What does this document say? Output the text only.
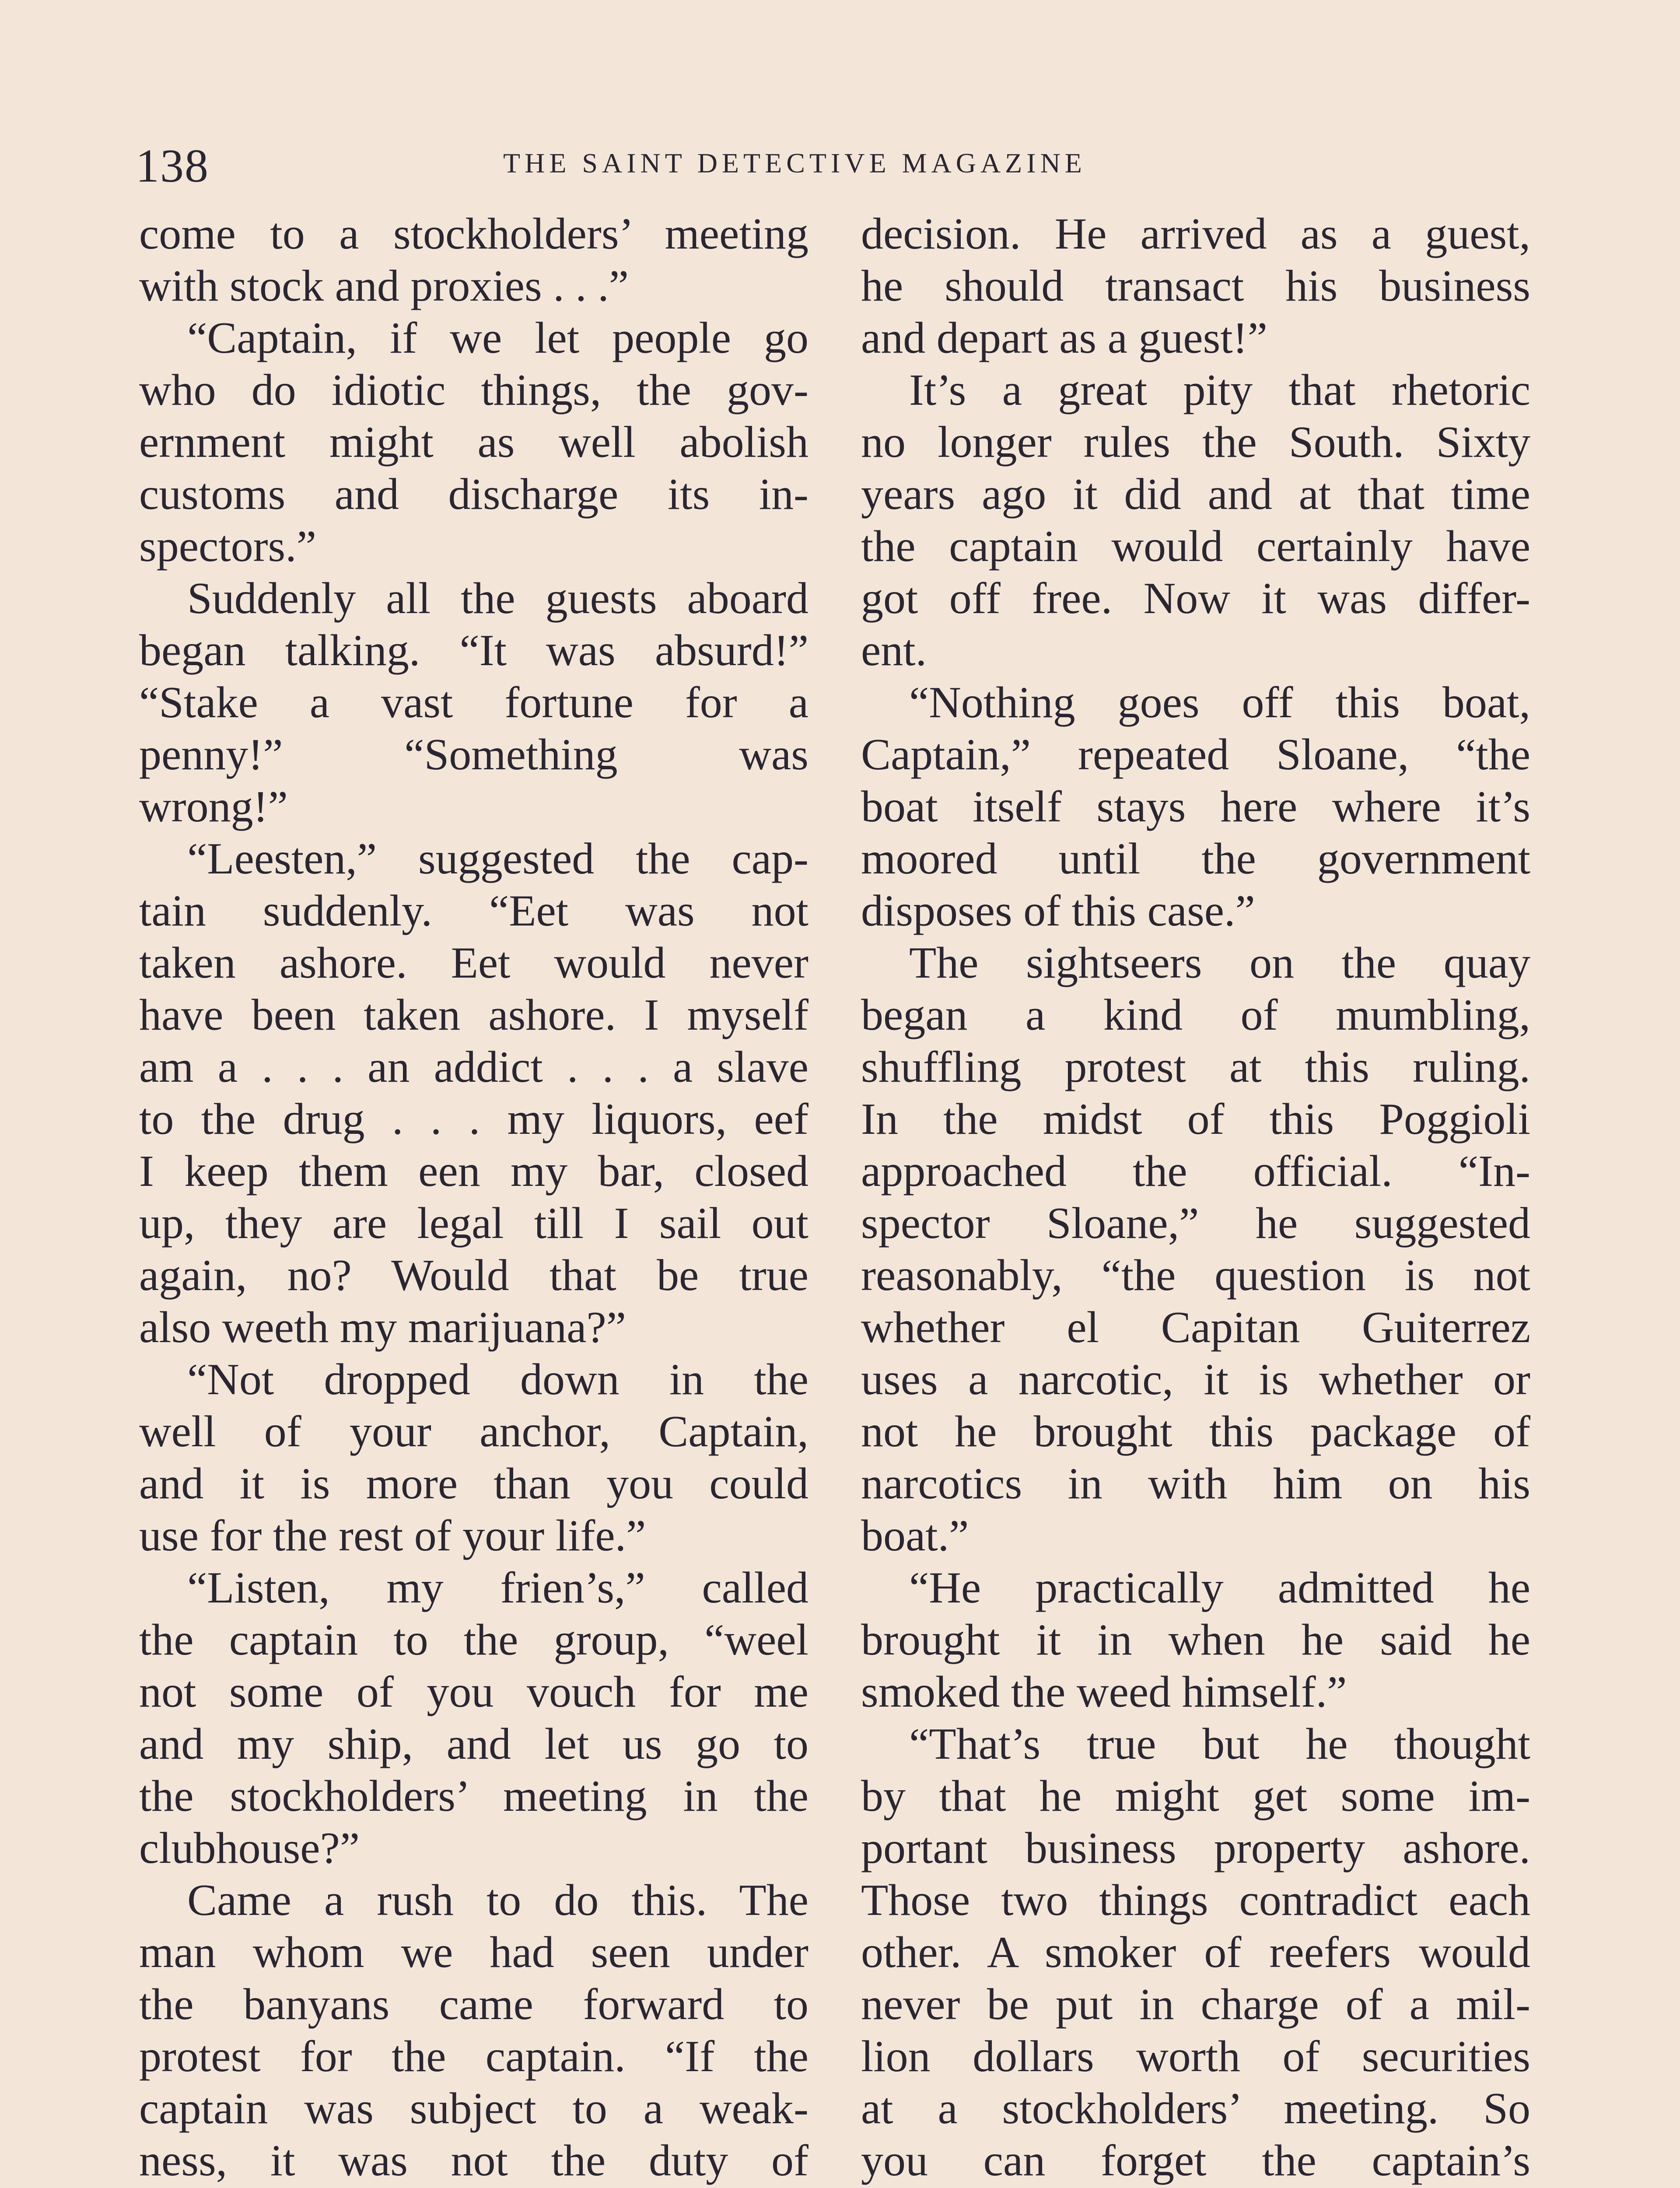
138	THE SAINT DETECTIVE MAGAZINE
come to a stockholders’ meeting
with stock and proxies . . .”
“Captain, if we let people go
who do idiotic things, the gov-
ernment might as well abolish
customs and discharge its in-
spectors.”
Suddenly all the guests aboard
began talking. “It was absurd!”
“Stake a vast fortune for a
penny!” “Something was
wrong!”
“Leesten,” suggested the cap-
tain suddenly. “Eet was not
taken ashore. Eet would never
have been taken ashore. I myself
am a . . . an addict . . . a slave
to the drug . . . my liquors, eef
I keep them een my bar, closed
up, they are legal till I sail out
again, no? Would that be true
also weeth my marijuana?”
“Not dropped down in the
well of your anchor, Captain,
and it is more than you could
use for the rest of your life.”
“Listen, my frien’s,” called
the captain to the group, “weel
not some of you vouch for me
and my ship, and let us go to
the stockholders’ meeting in the
clubhouse?”
Came a rush to do this. The
man whom we had seen under
the banyans came forward to
protest for the captain. “If the
captain was subject to a weak-
ness, it was not the duty of
decision. He arrived as a guest,
he should transact his business
and depart as a guest!”
It’s a great pity that rhetoric
no longer rules the South. Sixty
years ago it did and at that time
the captain would certainly have
got off free. Now it was differ-
ent.
“Nothing goes off this boat,
Captain,” repeated Sloane, “the
boat itself stays here where it’s
moored until the government
disposes of this case.”
The sightseers on the quay
began a kind of mumbling,
shuffling protest at this ruling.
In the midst of this Poggioli
approached the official. “In-
spector Sloane,” he suggested
reasonably, “the question is not
whether el Capitan Guiterrez
uses a narcotic, it is whether or
not he brought this package of
narcotics in with him on his
boat.”
“He practically admitted he
brought it in when he said he
smoked the weed himself.”
“That’s true but he thought
by that he might get some im-
portant business property ashore.
Those two things contradict each
other. A smoker of reefers would
never be put in charge of a mil-
lion dollars worth of securities
at a stockholders’ meeting. So
you can forget the captain’s
